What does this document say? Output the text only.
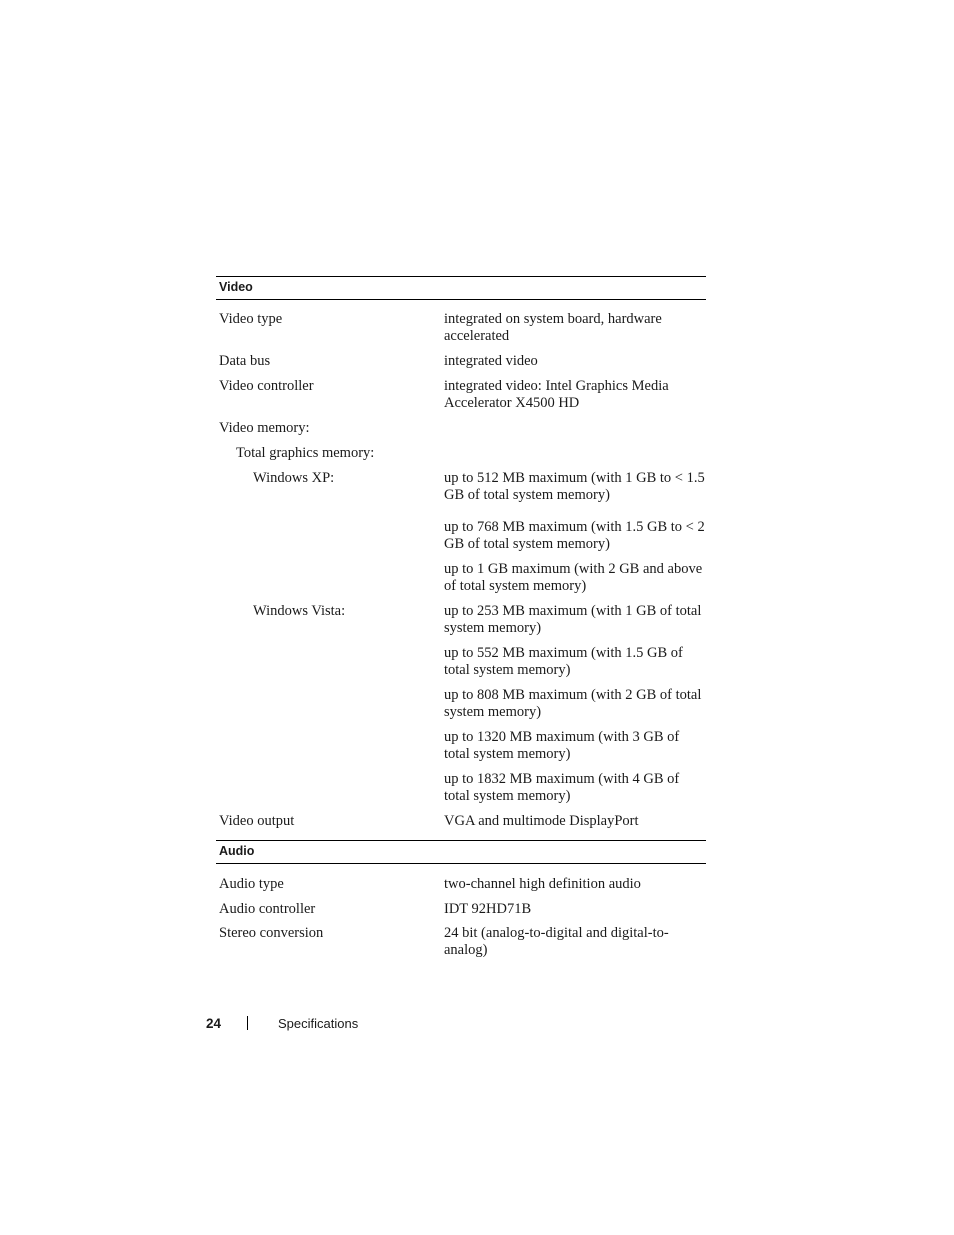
Video
Video type	integrated on system board, hardware accelerated
Data bus	integrated video
Video controller	integrated video: Intel Graphics Media Accelerator X4500 HD
Video memory:
Total graphics memory:
Windows XP:	up to 512 MB maximum (with 1 GB to < 1.5 GB of total system memory)
up to 768 MB maximum (with 1.5 GB to < 2 GB of total system memory)
up to 1 GB maximum (with 2 GB and above of total system memory)
Windows Vista:	up to 253 MB maximum (with 1 GB of total system memory)
up to 552 MB maximum (with 1.5 GB of total system memory)
up to 808 MB maximum (with 2 GB of total system memory)
up to 1320 MB maximum (with 3 GB of total system memory)
up to 1832 MB maximum (with 4 GB of total system memory)
Video output	VGA and multimode DisplayPort
Audio
Audio type	two-channel high definition audio
Audio controller	IDT 92HD71B
Stereo conversion	24 bit (analog-to-digital and digital-to-analog)
24	Specifications
